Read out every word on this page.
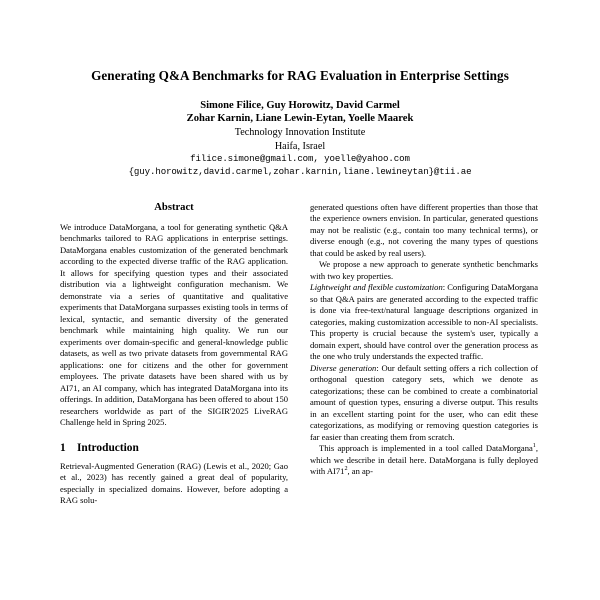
Generating Q&A Benchmarks for RAG Evaluation in Enterprise Settings
Simone Filice, Guy Horowitz, David Carmel
Zohar Karnin, Liane Lewin-Eytan, Yoelle Maarek
Technology Innovation Institute
Haifa, Israel
filice.simone@gmail.com, yoelle@yahoo.com
{guy.horowitz,david.carmel,zohar.karnin,liane.lewineytan}@tii.ae
Abstract

We introduce DataMorgana, a tool for generating synthetic Q&A benchmarks tailored to RAG applications in enterprise settings. DataMorgana enables customization of the generated benchmark according to the expected diverse traffic of the RAG application. It allows for specifying question types and their associated distribution via a lightweight configuration mechanism. We demonstrate via a series of quantitative and qualitative experiments that DataMorgana surpasses existing tools in terms of lexical, syntactic, and semantic diversity of the generated benchmark while maintaining high quality. We run our experiments over domain-specific and general-knowledge public datasets, as well as two private datasets from governmental RAG applications: one for citizens and the other for government employees. The private datasets have been shared with us by AI71, an AI company, which has integrated DataMorgana into its offerings. In addition, DataMorgana has been offered to about 150 researchers worldwide as part of the SIGIR'2025 LiveRAG Challenge held in Spring 2025.

1 Introduction

Retrieval-Augmented Generation (RAG) (Lewis et al., 2020; Gao et al., 2023) has recently gained a great deal of popularity, especially in specialized domains. However, before adopting a RAG solu-

generated questions often have different properties than those that the experience owners envision. In particular, generated questions may not be realistic (e.g., contain too many technical terms), or diverse enough (e.g., not covering the many types of questions that could be asked by real users).

We propose a new approach to generate synthetic benchmarks with two key properties.

Lightweight and flexible customization: Configuring DataMorgana so that Q&A pairs are generated according to the expected traffic is done via free-text/natural language descriptions organized in categories, making customization accessible to non-AI specialists. This property is crucial because the system's user, typically a domain expert, should have control over the generation process as the one who truly understands the expected traffic.

Diverse generation: Our default setting offers a rich collection of orthogonal question category sets, which we denote as categorizations; these can be combined to create a combinatorial amount of question types, ensuring a diverse output. This results in an excellent starting point for the user, who can edit these categorizations, as modifying or removing question categories is far easier than creating them from scratch.

This approach is implemented in a tool called DataMorgana$^1$, which we describe in detail here. DataMorgana is fully deployed with $AI71^2$, an ap-
